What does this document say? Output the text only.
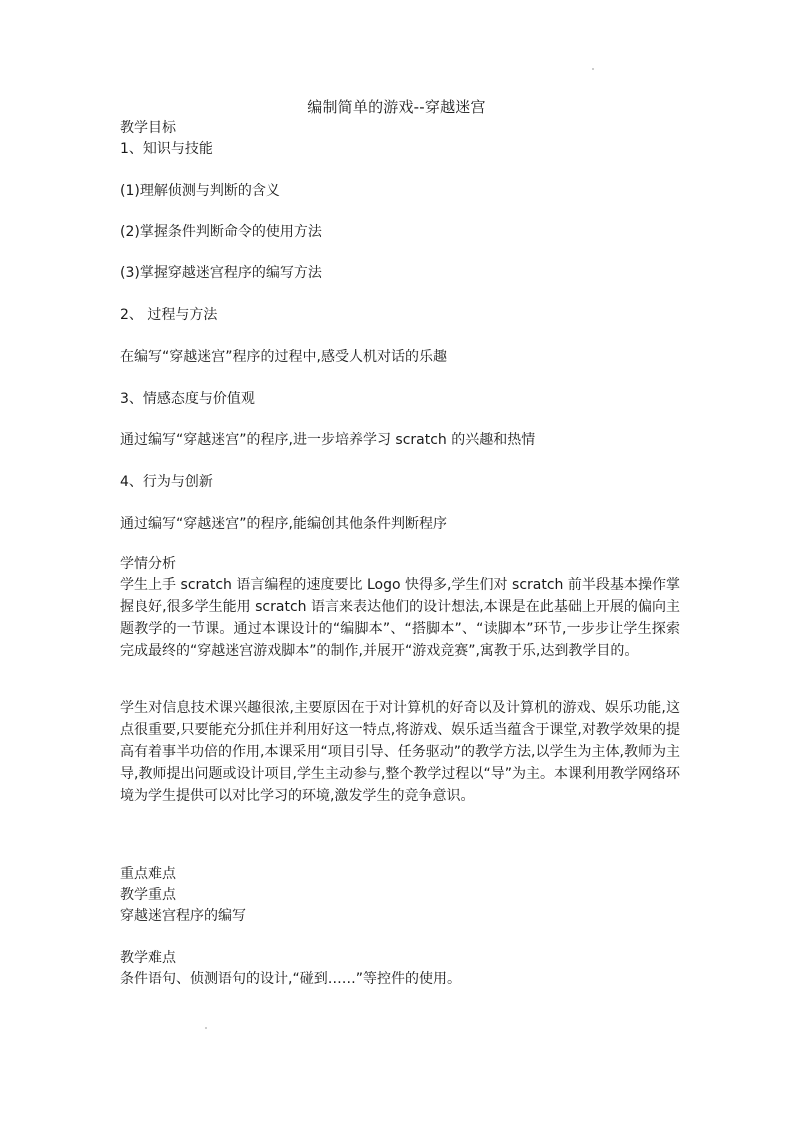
编制简单的游戏--穿越迷宫
教学目标
1、知识与技能
(1)理解侦测与判断的含义
(2)掌握条件判断命令的使用方法
(3)掌握穿越迷宫程序的编写方法
2、 过程与方法
在编写“穿越迷宫”程序的过程中,感受人机对话的乐趣
3、情感态度与价值观
通过编写“穿越迷宫”的程序,进一步培养学习 scratch 的兴趣和热情
4、行为与创新
通过编写“穿越迷宫”的程序,能编创其他条件判断程序
学情分析
学生上手 scratch 语言编程的速度要比 Logo 快得多,学生们对 scratch 前半段基本操作掌握良好,很多学生能用 scratch 语言来表达他们的设计想法,本课是在此基础上开展的偏向主题教学的一节课。通过本课设计的“编脚本”、“搭脚本”、“读脚本”环节,一步步让学生探索完成最终的“穿越迷宫游戏脚本”的制作,并展开“游戏竞赛”,寓教于乐,达到教学目的。
学生对信息技术课兴趣很浓,主要原因在于对计算机的好奇以及计算机的游戏、娱乐功能,这点很重要,只要能充分抓住并利用好这一特点,将游戏、娱乐适当蕴含于课堂,对教学效果的提高有着事半功倍的作用,本课采用“项目引导、任务驱动”的教学方法,以学生为主体,教师为主导,教师提出问题或设计项目,学生主动参与,整个教学过程以“导”为主。本课利用教学网络环境为学生提供可以对比学习的环境,激发学生的竞争意识。
重点难点
教学重点
穿越迷宫程序的编写
教学难点
条件语句、侦测语句的设计,“碰到……”等控件的使用。
